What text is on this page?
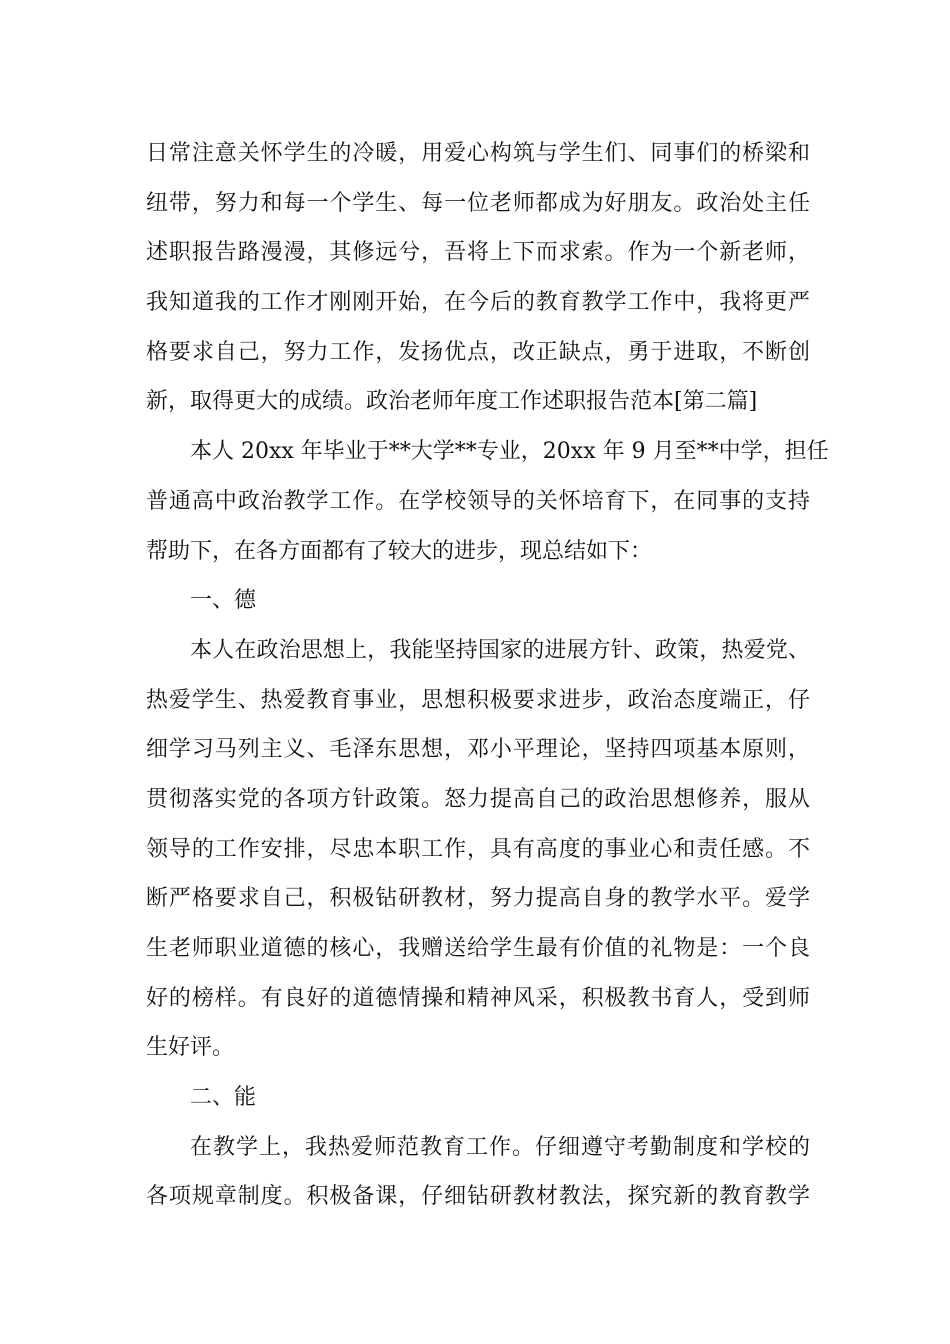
日常注意关怀学生的冷暖，用爱心构筑与学生们、同事们的桥梁和
纽带，努力和每一个学生、每一位老师都成为好朋友。政治处主任
述职报告路漫漫，其修远兮，吾将上下而求索。作为一个新老师，
我知道我的工作才刚刚开始，在今后的教育教学工作中，我将更严
格要求自己，努力工作，发扬优点，改正缺点，勇于进取，不断创
新，取得更大的成绩。政治老师年度工作述职报告范本[第二篇]
本人 20xx 年毕业于**大学**专业，20xx 年 9 月至**中学，担任
普通高中政治教学工作。在学校领导的关怀培育下，在同事的支持
帮助下，在各方面都有了较大的进步，现总结如下：
一、德
本人在政治思想上，我能坚持国家的进展方针、政策，热爱党、
热爱学生、热爱教育事业，思想积极要求进步，政治态度端正，仔
细学习马列主义、毛泽东思想，邓小平理论，坚持四项基本原则，
贯彻落实党的各项方针政策。怒力提高自己的政治思想修养，服从
领导的工作安排，尽忠本职工作，具有高度的事业心和责任感。不
断严格要求自己，积极钻研教材，努力提高自身的教学水平。爱学
生老师职业道德的核心，我赠送给学生最有价值的礼物是：一个良
好的榜样。有良好的道德情操和精神风采，积极教书育人，受到师
生好评。
二、能
在教学上，我热爱师范教育工作。仔细遵守考勤制度和学校的
各项规章制度。积极备课，仔细钻研教材教法，探究新的教育教学
